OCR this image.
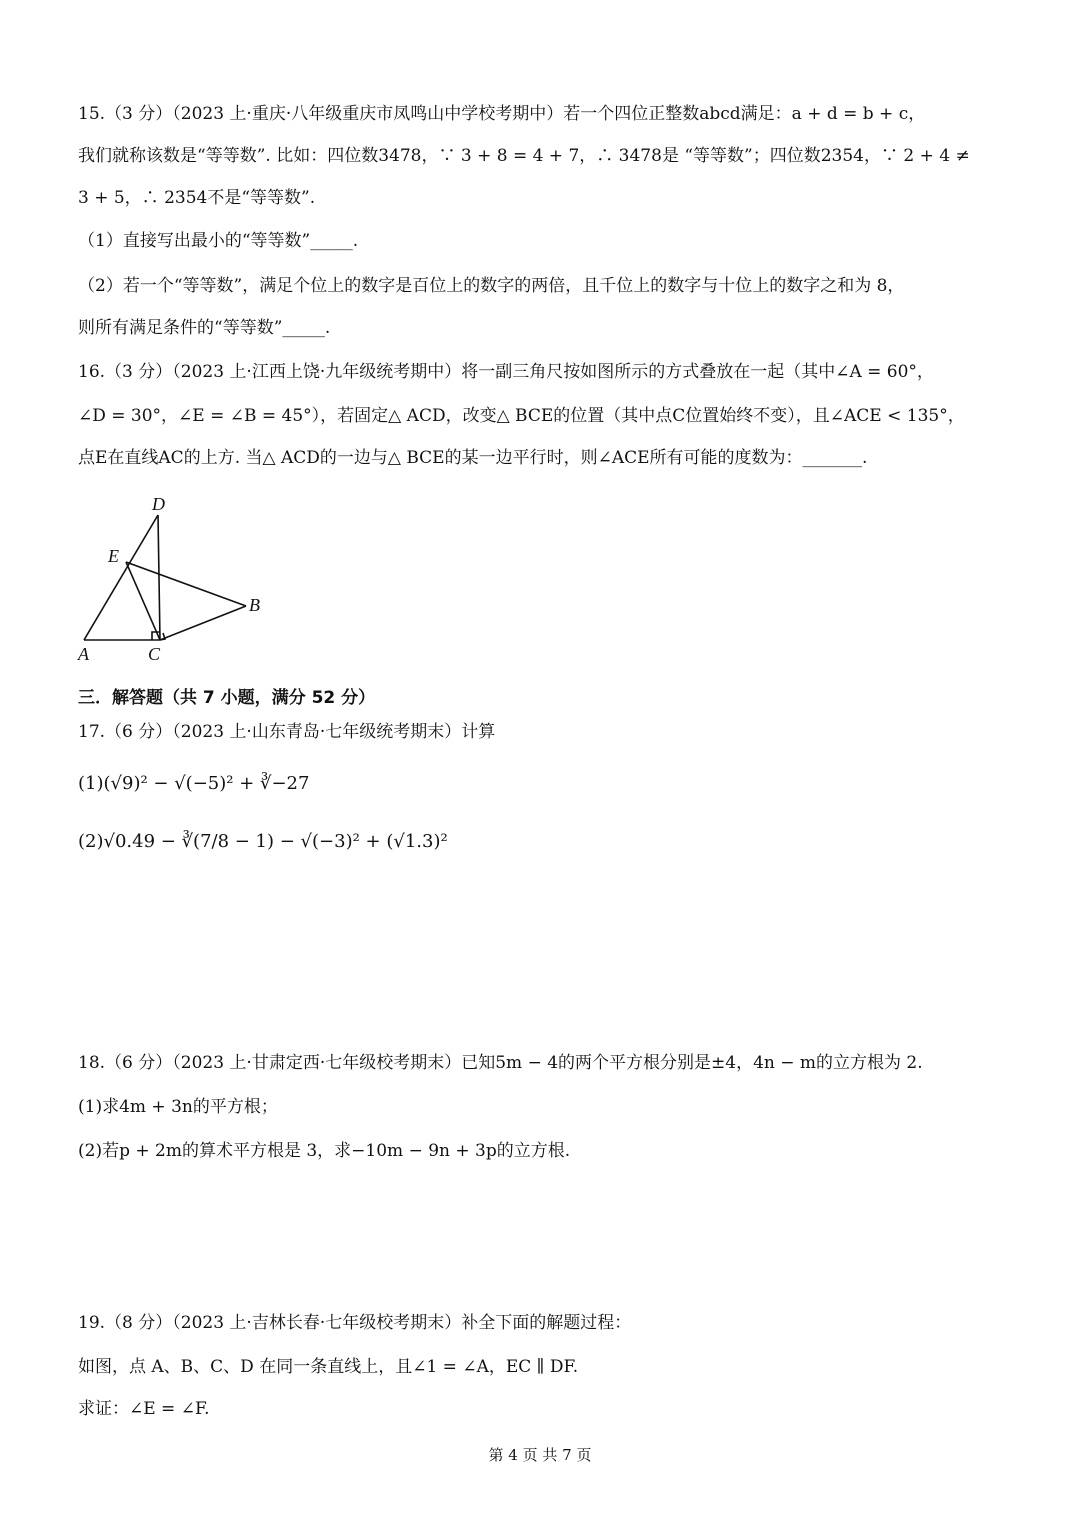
15.（3 分）（2023 上·重庆·八年级重庆市凤鸣山中学校考期中）若一个四位正整数abcd满足：a + d = b + c，
我们就称该数是“等等数”. 比如：四位数3478，∵ 3 + 8 = 4 + 7，∴ 3478是 “等等数”；四位数2354，∵ 2 + 4 ≠
3 + 5，∴ 2354不是“等等数”.
（1）直接写出最小的“等等数”_____.
（2）若一个“等等数”，满足个位上的数字是百位上的数字的两倍，且千位上的数字与十位上的数字之和为 8，
则所有满足条件的“等等数”_____.
16.（3 分）（2023 上·江西上饶·九年级统考期中）将一副三角尺按如图所示的方式叠放在一起（其中∠A = 60°，
∠D = 30°，∠E = ∠B = 45°），若固定△ ACD，改变△ BCE的位置（其中点C位置始终不变），且∠ACE < 135°，
点E在直线AC的上方. 当△ ACD的一边与△ BCE的某一边平行时，则∠ACE所有可能的度数为：_______.
D
E
B
A	C
三．解答题（共 7 小题，满分 52 分）
17.（6 分）（2023 上·山东青岛·七年级统考期末）计算
(1)(√9)² − √(−5)² + ∛−27
(2)√0.49 − ∛(7/8 − 1) − √(−3)² + (√1.3)²
18.（6 分）（2023 上·甘肃定西·七年级校考期末）已知5m − 4的两个平方根分别是±4，4n − m的立方根为 2.
(1)求4m + 3n的平方根；
(2)若p + 2m的算术平方根是 3，求−10m − 9n + 3p的立方根.
19.（8 分）（2023 上·吉林长春·七年级校考期末）补全下面的解题过程：
如图，点 A、B、C、D 在同一条直线上，且∠1 = ∠A，EC ∥ DF.
求证：∠E = ∠F.
第 4 页 共 7 页
